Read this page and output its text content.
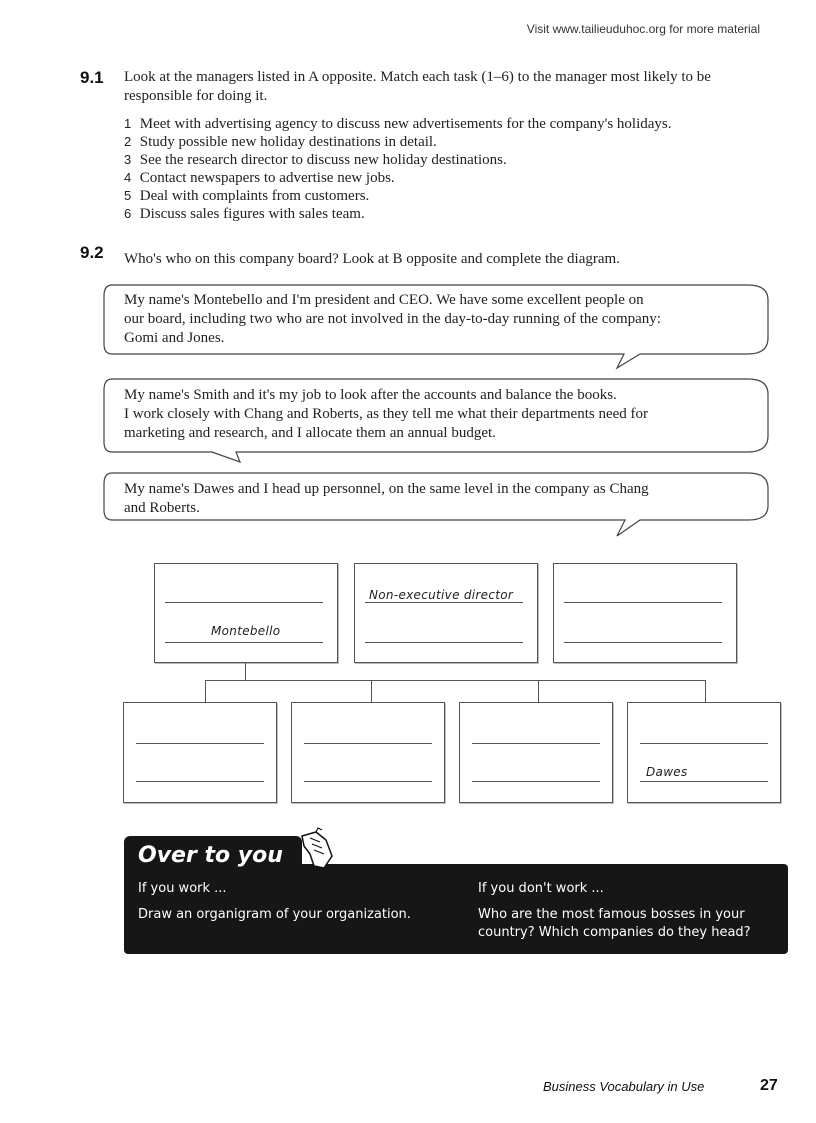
Visit www.tailieuduhoc.org for more material
9.1 Look at the managers listed in A opposite. Match each task (1–6) to the manager most likely to be responsible for doing it.
1 Meet with advertising agency to discuss new advertisements for the company's holidays.
2 Study possible new holiday destinations in detail.
3 See the research director to discuss new holiday destinations.
4 Contact newspapers to advertise new jobs.
5 Deal with complaints from customers.
6 Discuss sales figures with sales team.
9.2 Who's who on this company board? Look at B opposite and complete the diagram.
My name's Montebello and I'm president and CEO. We have some excellent people on
our board, including two who are not involved in the day-to-day running of the company:
Gomi and Jones.
My name's Smith and it's my job to look after the accounts and balance the books.
I work closely with Chang and Roberts, as they tell me what their departments need for
marketing and research, and I allocate them an annual budget.
My name's Dawes and I head up personnel, on the same level in the company as Chang
and Roberts.
Montebello
Non-executive director
Dawes
Over to you
If you work ...
Draw an organigram of your organization.
If you don't work ...
Who are the most famous bosses in your
country? Which companies do they head?
Business Vocabulary in Use	27
